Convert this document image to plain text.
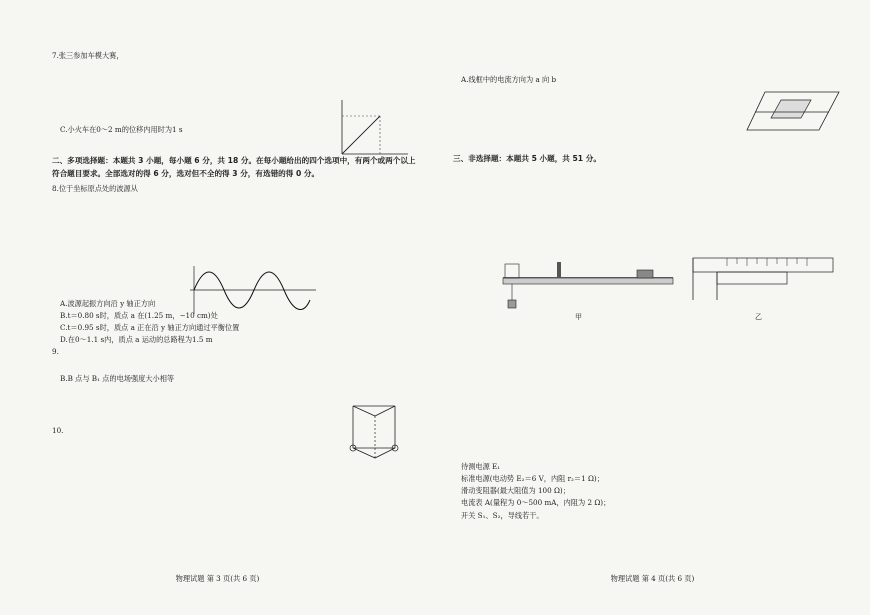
7.张三参加车模大赛，

C.小火车在0～2 m的位移内用时为1 s

二、多项选择题：本题共 3 小题，每小题 6 分，共 18 分。在每小题给出的四个选项中，有两个或两个以上符合题目要求。全部选对的得 6 分，选对但不全的得 3 分，有选错的得 0 分。

8.位于坐标原点处的波源从

A.波源起振方向沿 y 轴正方向

B.t＝0.80 s时，质点 a 在(1.25 m，−10 cm)处

C.t＝0.95 s时，质点 a 正在沿 y 轴正方向通过平衡位置

D.在0～1.1 s内，质点 a 运动的总路程为1.5 m

9.

B.B 点与 B₁ 点的电场强度大小相等

10.

物理试题 第 3 页(共 6 页)

A.线框中的电流方向为 a 向 b

三、非选择题：本题共 5 小题，共 51 分。

待测电源 E₁

标准电源(电动势 E₂＝6 V，内阻 r₂＝1 Ω)；

滑动变阻器(最大阻值为 100 Ω)；

电流表 A(量程为 0～500 mA，内阻为 2 Ω)；

开关 S₁、S₂，导线若干。

甲	乙
物理试题 第 4 页(共 6 页)
